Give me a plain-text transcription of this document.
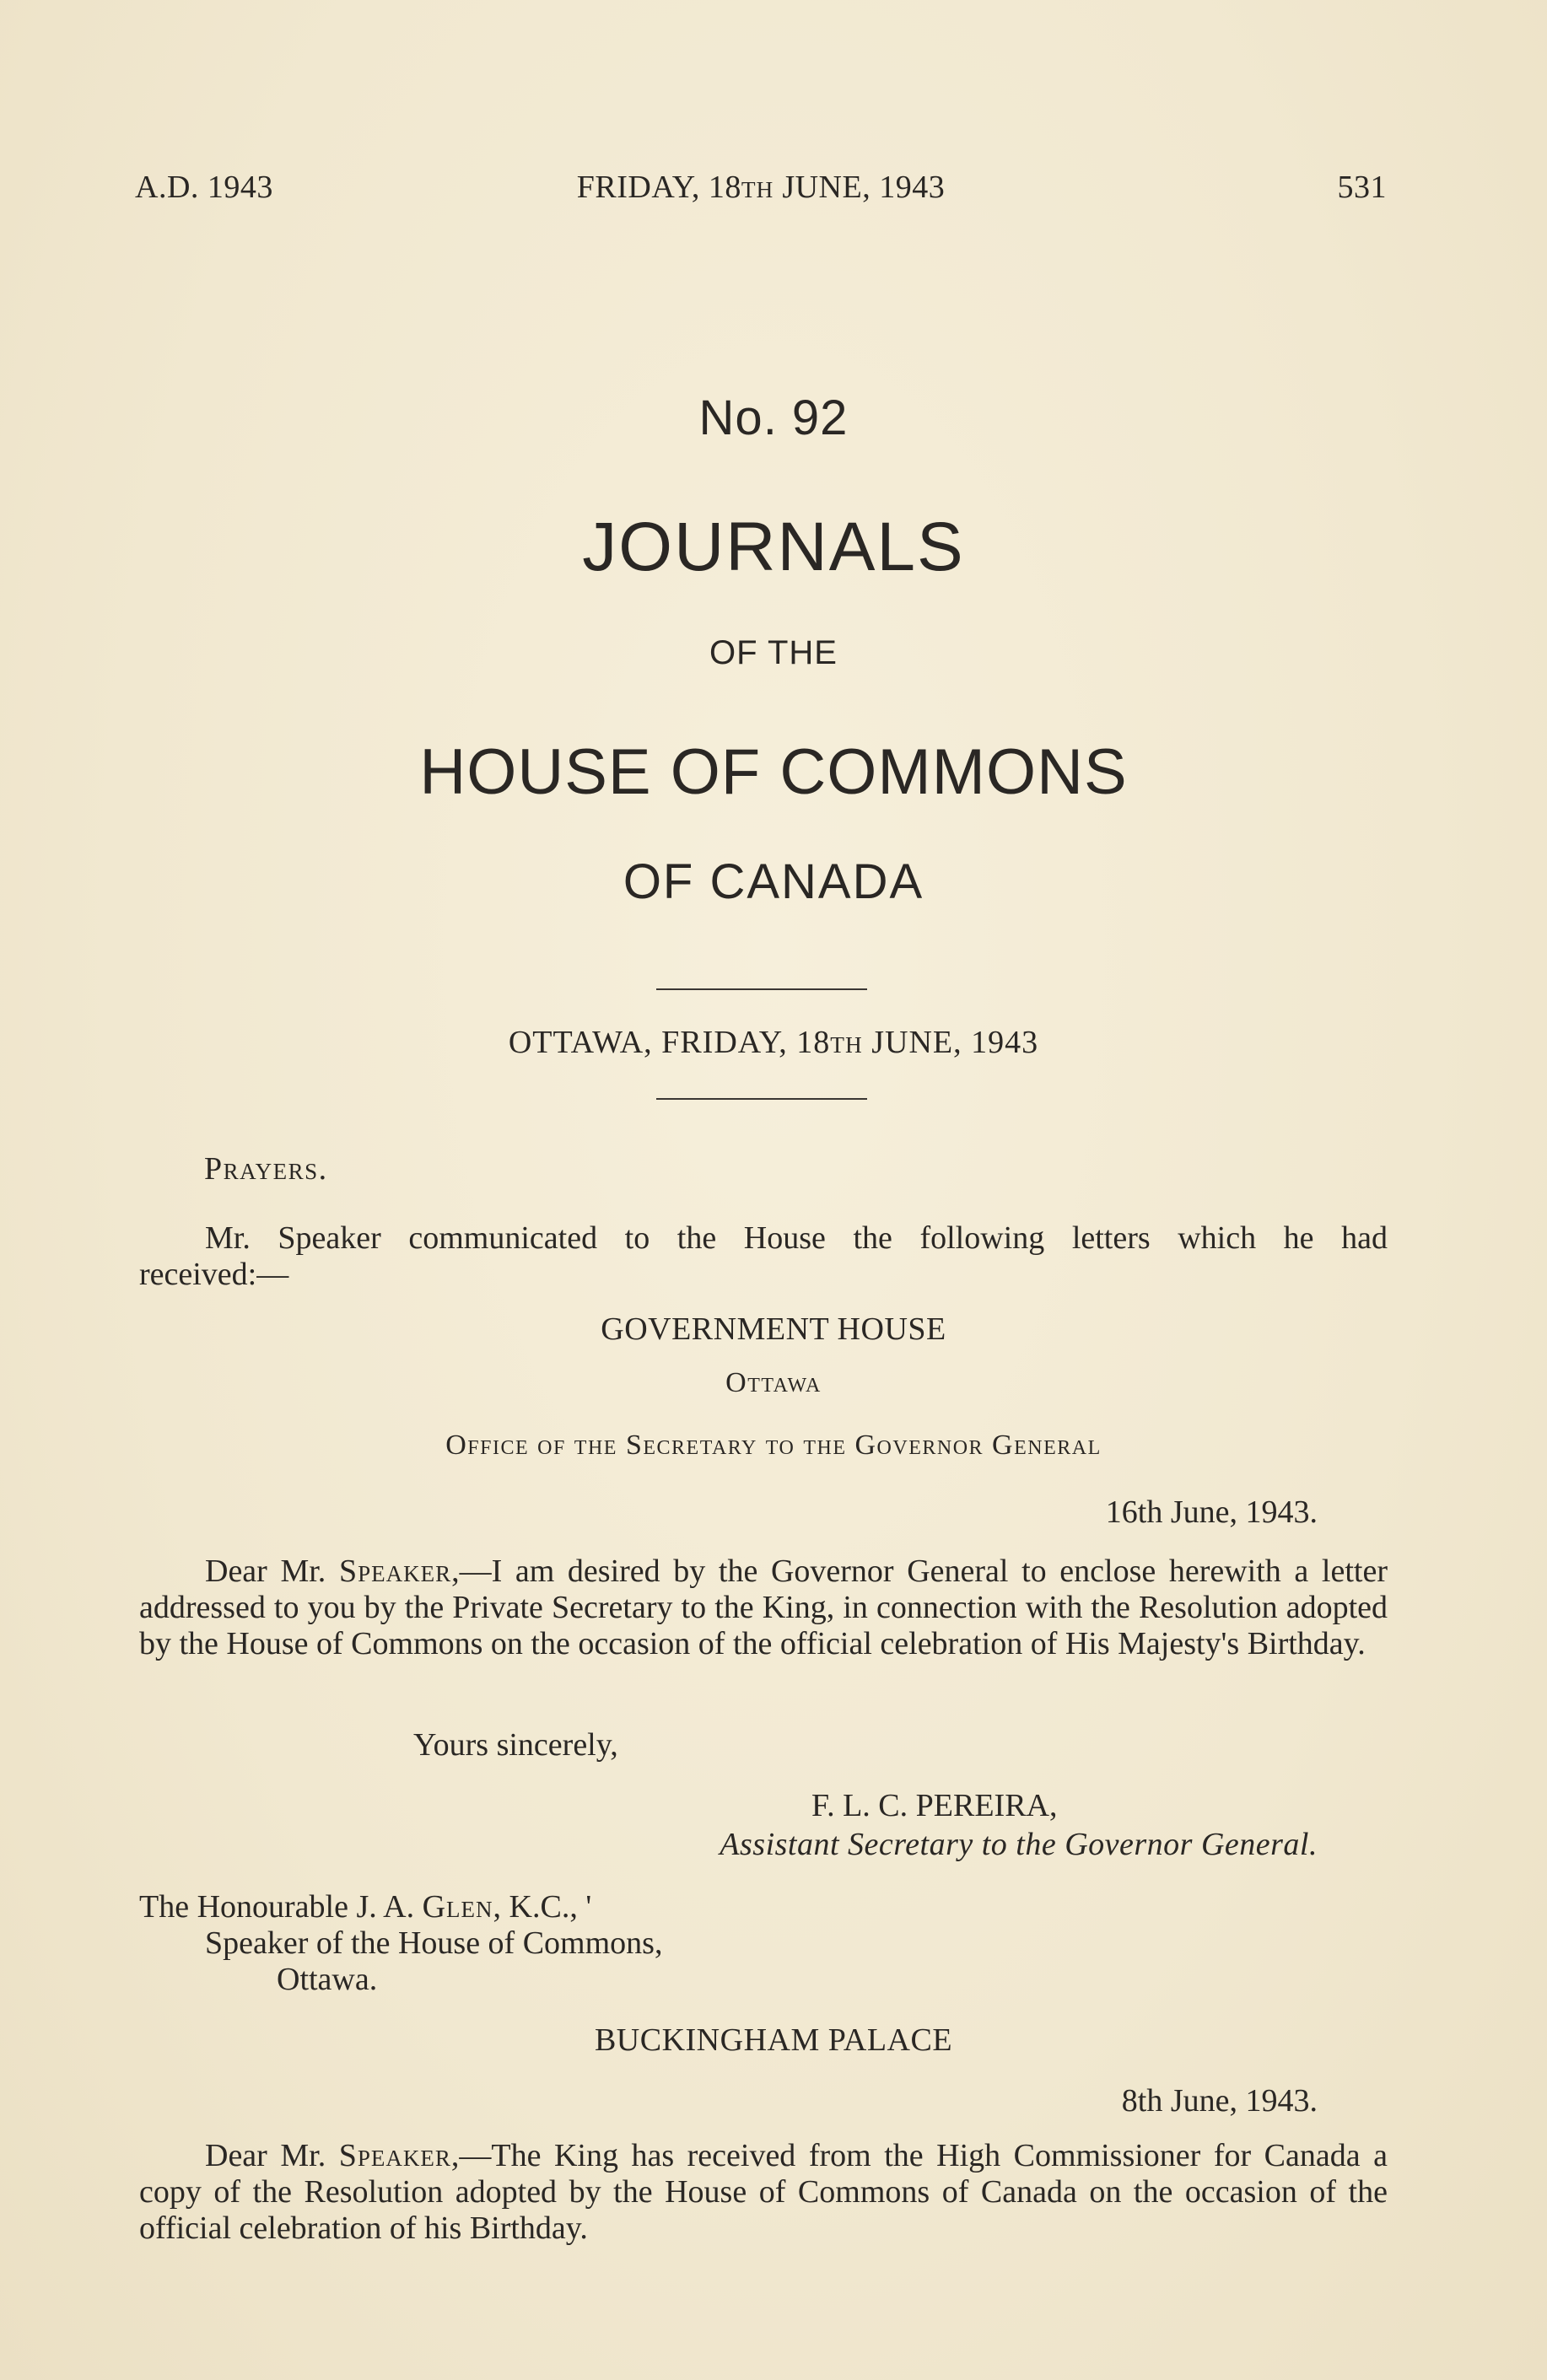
A.D. 1943	FRIDAY, 18TH JUNE, 1943	531
No. 92
JOURNALS
OF THE
HOUSE OF COMMONS
OF CANADA
OTTAWA, FRIDAY, 18TH JUNE, 1943
Prayers.
Mr. Speaker communicated to the House the following letters which he had received:—
GOVERNMENT HOUSE
Ottawa
Office of the Secretary to the Governor General
16th June, 1943.
Dear Mr. Speaker,—I am desired by the Governor General to enclose herewith a letter addressed to you by the Private Secretary to the King, in connection with the Resolution adopted by the House of Commons on the occasion of the official celebration of His Majesty's Birthday.
Yours sincerely,
F. L. C. PEREIRA,
Assistant Secretary to the Governor General.
The Honourable J. A. Glen, K.C., '
Speaker of the House of Commons,
Ottawa.
BUCKINGHAM PALACE
8th June, 1943.
Dear Mr. Speaker,—The King has received from the High Commissioner for Canada a copy of the Resolution adopted by the House of Commons of Canada on the occasion of the official celebration of his Birthday.
